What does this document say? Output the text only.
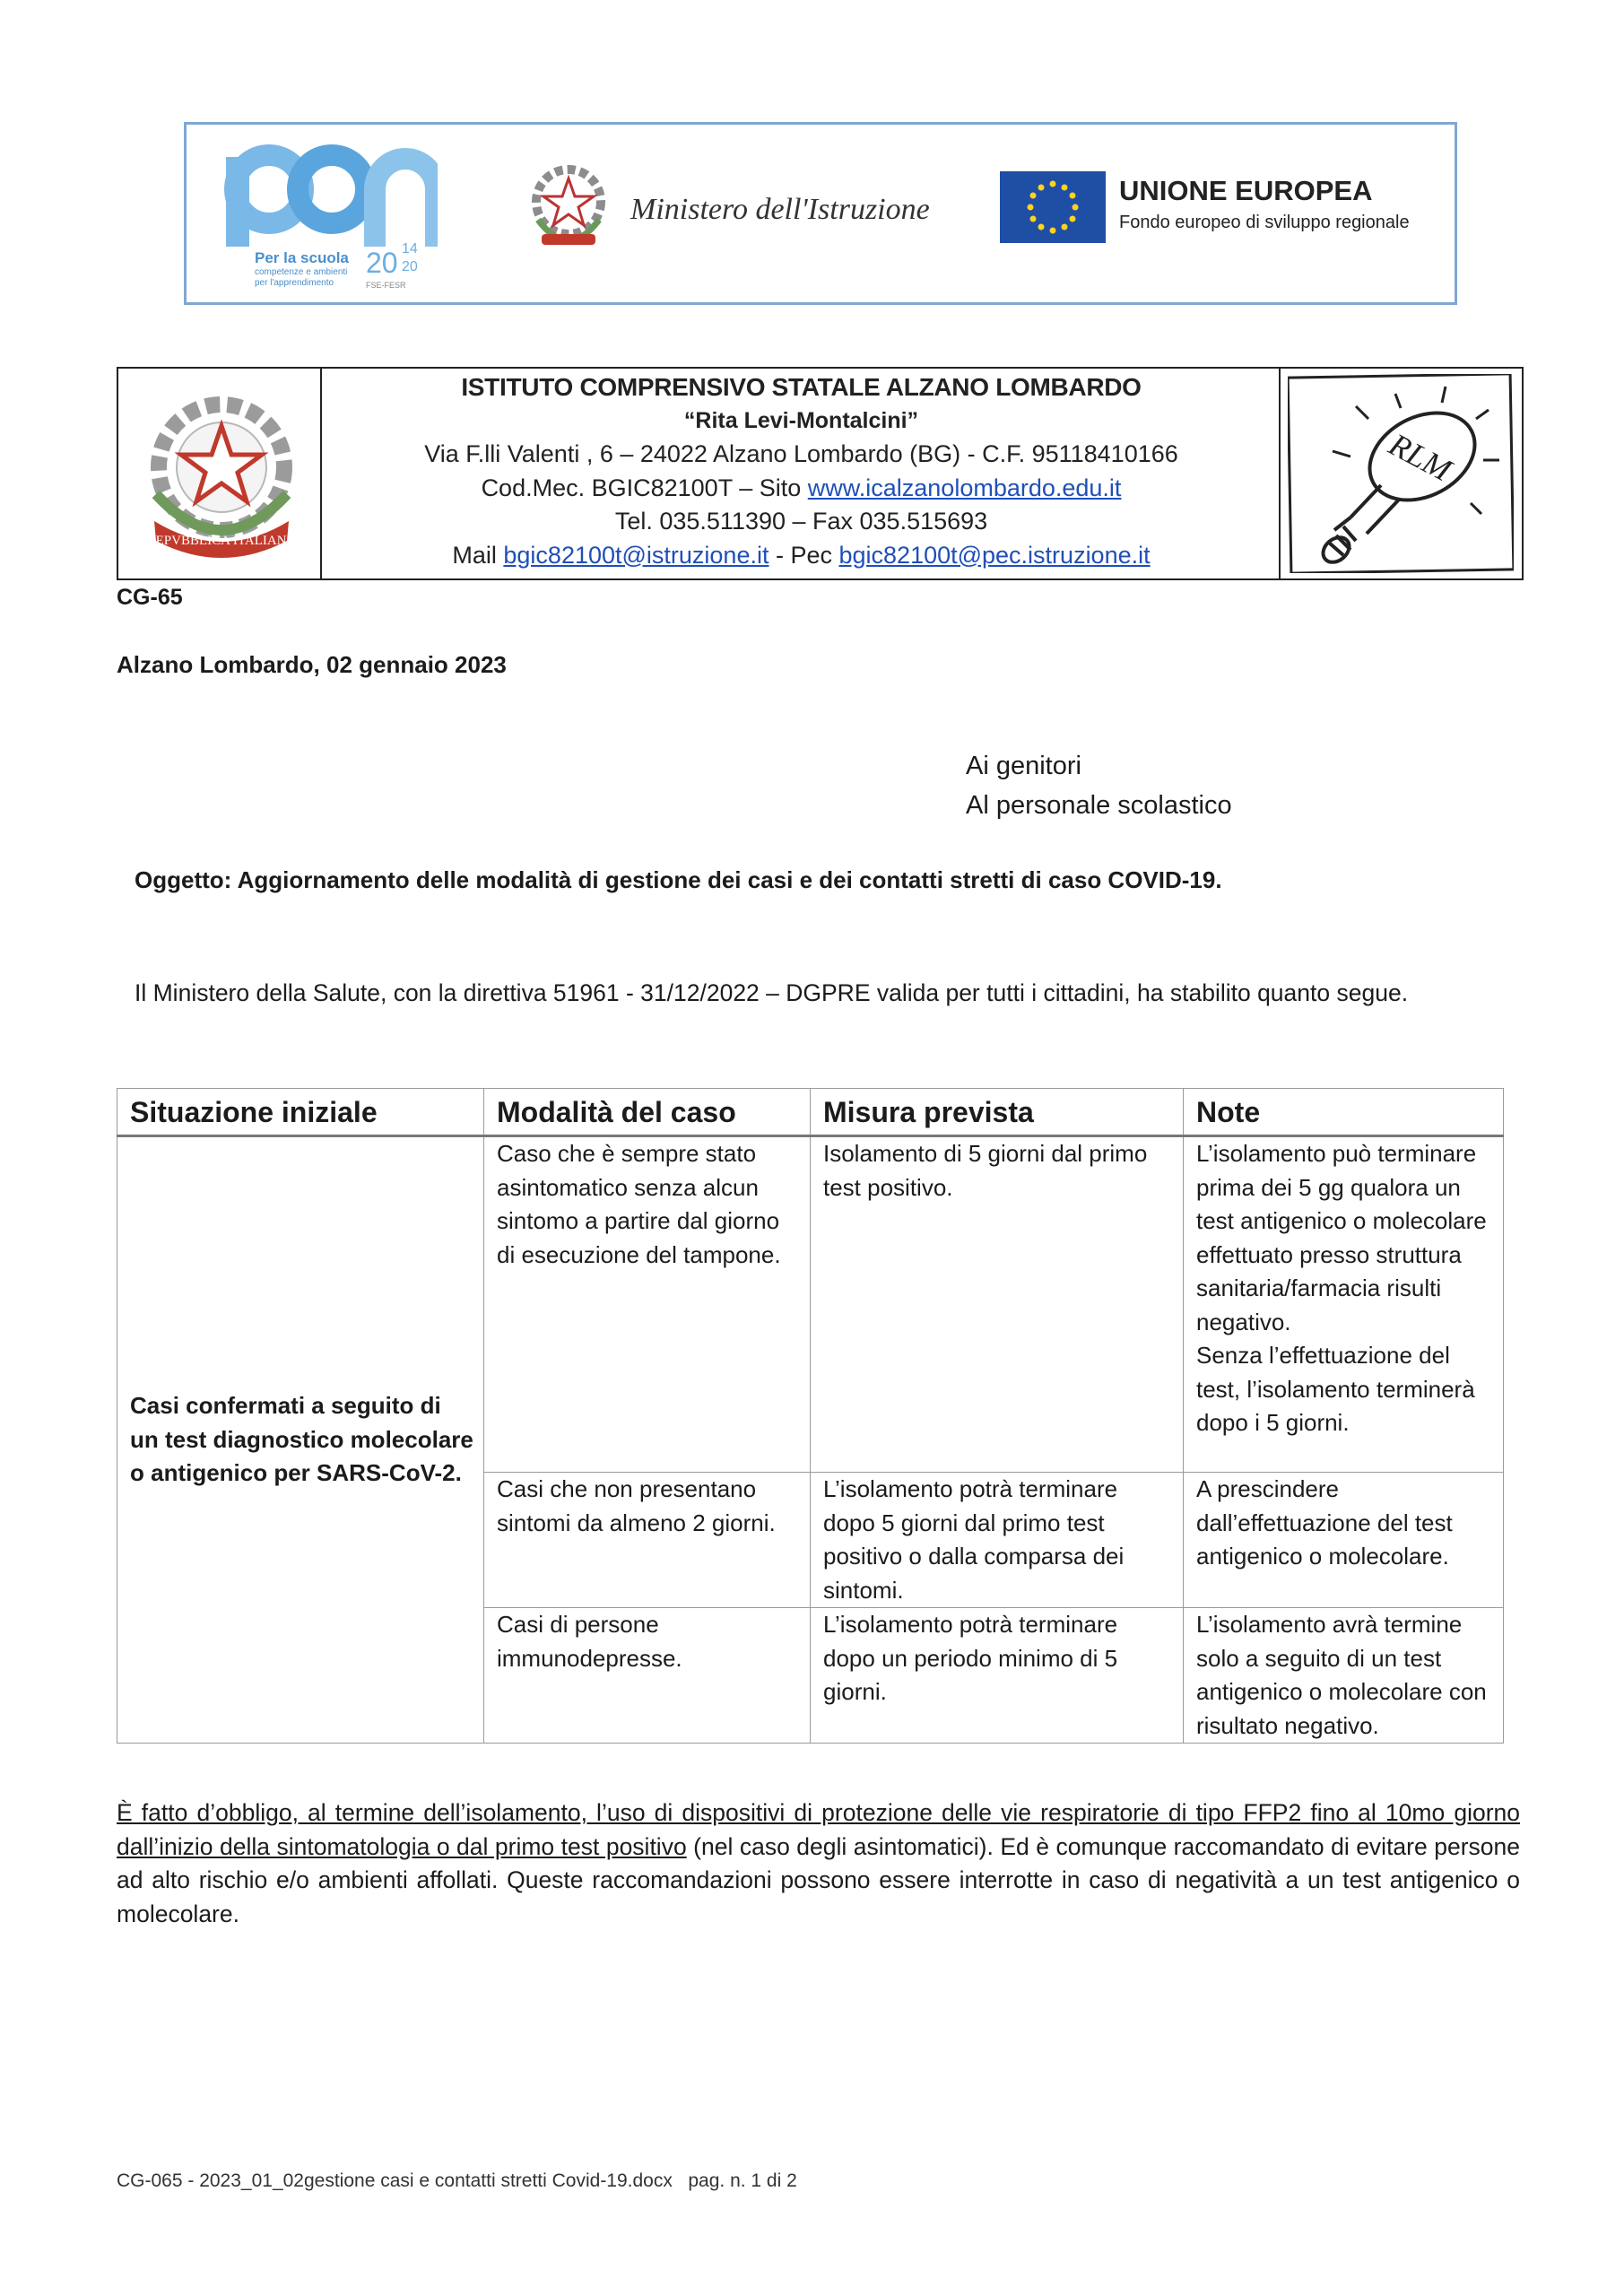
Per la scuola
competenze e ambienti
per l'apprendimento
20 14
20
FSE-FESR
Ministero dell'Istruzione
UNIONE EUROPEA
Fondo europeo di sviluppo regionale
REPVBBLICA ITALIANA
ISTITUTO COMPRENSIVO STATALE ALZANO LOMBARDO
“Rita Levi-Montalcini”
Via F.lli Valenti , 6 – 24022 Alzano Lombardo (BG) - C.F. 95118410166
Cod.Mec. BGIC82100T – Sito www.icalzanolombardo.edu.it
Tel. 035.511390 – Fax 035.515693
Mail bgic82100t@istruzione.it - Pec bgic82100t@pec.istruzione.it
RLM
CG-65
Alzano Lombardo, 02 gennaio 2023
Ai genitori
Al personale scolastico
Oggetto: Aggiornamento delle modalità di gestione dei casi e dei contatti stretti di caso COVID-19.
Il Ministero della Salute, con la direttiva 51961 - 31/12/2022 – DGPRE valida per tutti i cittadini, ha stabilito quanto segue.
Situazione iniziale	Modalità del caso	Misura prevista	Note
Casi confermati a seguito di un test diagnostico molecolare o antigenico per SARS-CoV-2.	Caso che è sempre stato asintomatico senza alcun sintomo a partire dal giorno di esecuzione del tampone.	Isolamento di 5 giorni dal primo test positivo.	L’isolamento può terminare prima dei 5 gg qualora un test antigenico o molecolare effettuato presso struttura sanitaria/farmacia risulti negativo.
Senza l’effettuazione del test, l’isolamento terminerà dopo i 5 giorni.
	Casi che non presentano sintomi da almeno 2 giorni.	L’isolamento potrà terminare dopo 5 giorni dal primo test positivo o dalla comparsa dei sintomi.	A prescindere dall’effettuazione del test antigenico o molecolare.
	Casi di persone immunodepresse.	L’isolamento potrà terminare dopo un periodo minimo di 5 giorni.	L’isolamento avrà termine solo a seguito di un test antigenico o molecolare con risultato negativo.
È fatto d’obbligo, al termine dell’isolamento, l’uso di dispositivi di protezione delle vie respiratorie di tipo FFP2 fino al 10mo giorno dall’inizio della sintomatologia o dal primo test positivo (nel caso degli asintomatici). Ed è comunque raccomandato di evitare persone ad alto rischio e/o ambienti affollati. Queste raccomandazioni possono essere interrotte in caso di negatività a un test antigenico o molecolare.
CG-065 - 2023_01_02gestione casi e contatti stretti Covid-19.docx   pag. n. 1 di 2
